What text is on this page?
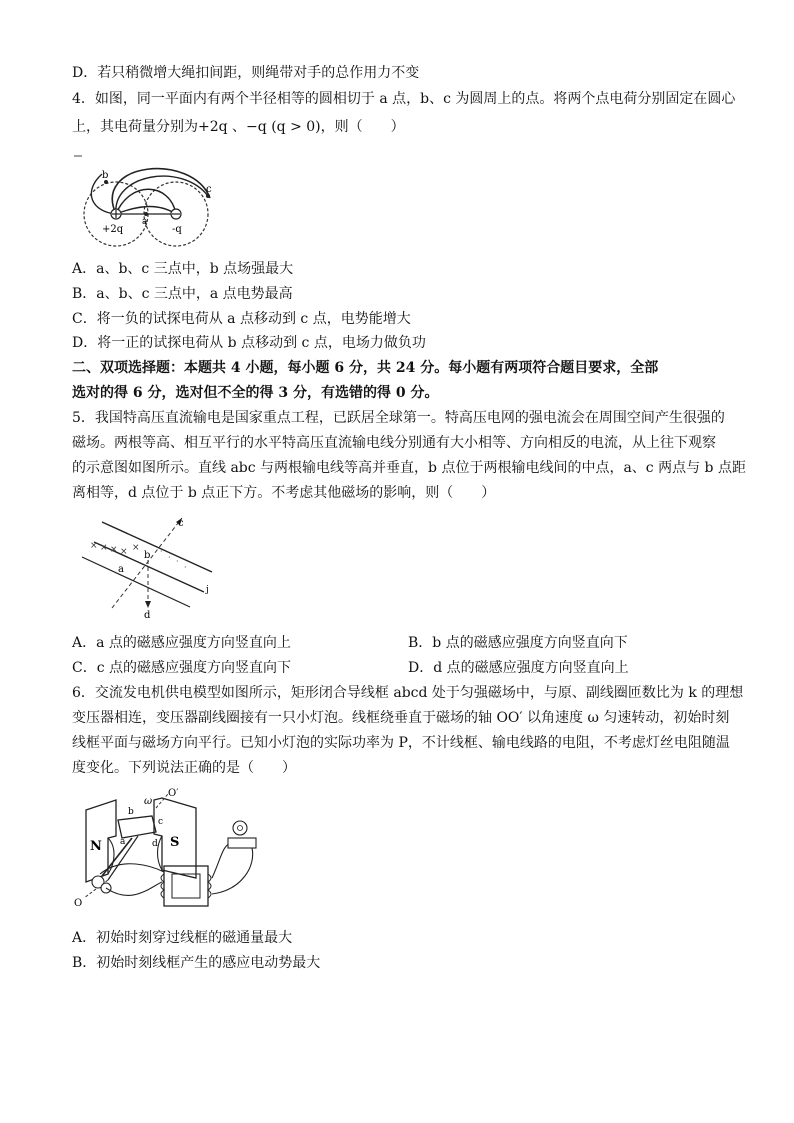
D．若只稍微增大绳扣间距，则绳带对手的总作用力不变
4．如图，同一平面内有两个半径相等的圆相切于 a 点，b、c 为圆周上的点。将两个点电荷分别固定在圆心
上，其电荷量分别为+2q 、−q (q > 0)，则（　　）
b
c
a
+2q	-q
A．a、b、c 三点中，b 点场强最大
B．a、b、c 三点中，a 点电势最高
C．将一负的试探电荷从 a 点移动到 c 点，电势能增大
D．将一正的试探电荷从 b 点移动到 c 点，电场力做负功
二、双项选择题：本题共 4 小题，每小题 6 分，共 24 分。每小题有两项符合题目要求，全部
选对的得 6 分，选对但不全的得 3 分，有选错的得 0 分。
5．我国特高压直流输电是国家重点工程，已跃居全球第一。特高压电网的强电流会在周围空间产生很强的
磁场。两根等高、相互平行的水平特高压直流输电线分别通有大小相等、方向相反的电流，从上往下观察
的示意图如图所示。直线 abc 与两根输电线等高并垂直，b 点位于两根输电线间的中点，a、c 两点与 b 点距
离相等，d 点位于 b 点正下方。不考虑其他磁场的影响，则（　　）
× × × × ×	·
· ·
·
c
b
a
d
j
A．a 点的磁感应强度方向竖直向上	B．b 点的磁感应强度方向竖直向下
C．c 点的磁感应强度方向竖直向下	D．d 点的磁感应强度方向竖直向上
6．交流发电机供电模型如图所示，矩形闭合导线框 abcd 处于匀强磁场中，与原、副线圈匝数比为 k 的理想
变压器相连，变压器副线圈接有一只小灯泡。线框绕垂直于磁场的轴 OO′ 以角速度 ω 匀速转动，初始时刻
线框平面与磁场方向平行。已知小灯泡的实际功率为 P，不计线框、输电线路的电阻，不考虑灯丝电阻随温
度变化。下列说法正确的是（　　）
N	S
a
b
c
d
O′
ω
O
A．初始时刻穿过线框的磁通量最大
B．初始时刻线框产生的感应电动势最大
